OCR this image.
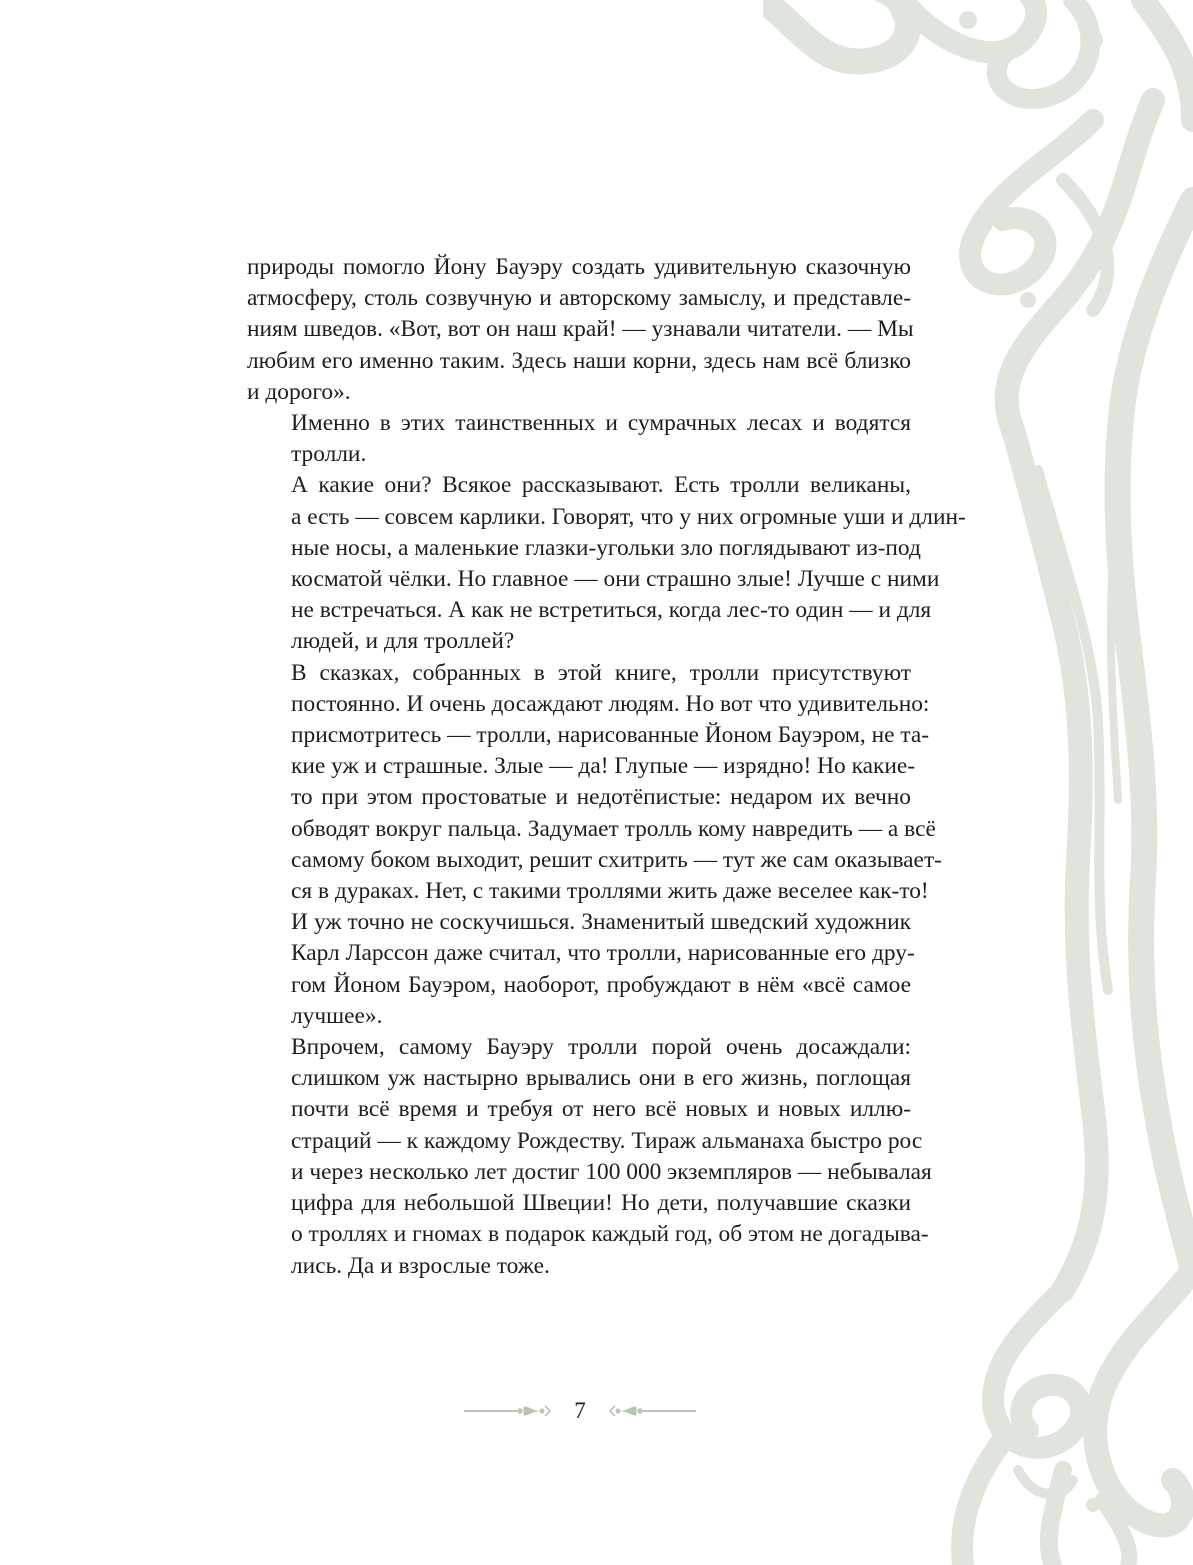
природы помогло Йону Бауэру создать удивительную сказочную
атмосферу, столь созвучную и авторскому замыслу, и представле-
ниям шведов. «Вот, вот он наш край! — узнавали читатели. — Мы
любим его именно таким. Здесь наши корни, здесь нам всё близко
и дорого».

Именно в этих таинственных и сумрачных лесах и водятся
тролли.

А какие они? Всякое рассказывают. Есть тролли великаны,
а есть — совсем карлики. Говорят, что у них огромные уши и длин-
ные носы, а маленькие глазки-угольки зло поглядывают из-под
косматой чёлки. Но главное — они страшно злые! Лучше с ними
не встречаться. А как не встретиться, когда лес-то один — и для
людей, и для троллей?

В сказках, собранных в этой книге, тролли присутствуют
постоянно. И очень досаждают людям. Но вот что удивительно:
присмотритесь — тролли, нарисованные Йоном Бауэром, не та-
кие уж и страшные. Злые — да! Глупые — изрядно! Но какие-
то при этом простоватые и недотёпистые: недаром их вечно
обводят вокруг пальца. Задумает тролль кому навредить — а всё
самому боком выходит, решит схитрить — тут же сам оказывает-
ся в дураках. Нет, с такими троллями жить даже веселее как-то!
И уж точно не соскучишься. Знаменитый шведский художник
Карл Ларссон даже считал, что тролли, нарисованные его дру-
гом Йоном Бауэром, наоборот, пробуждают в нём «всё самое
лучшее».

Впрочем, самому Бауэру тролли порой очень досаждали:
слишком уж настырно врывались они в его жизнь, поглощая
почти всё время и требуя от него всё новых и новых иллю-
страций — к каждому Рождеству. Тираж альманаха быстро рос
и через несколько лет достиг 100 000 экземпляров — небывалая
цифра для небольшой Швеции! Но дети, получавшие сказки
о троллях и гномах в подарок каждый год, об этом не догадыва-
лись. Да и взрослые тоже.

7
